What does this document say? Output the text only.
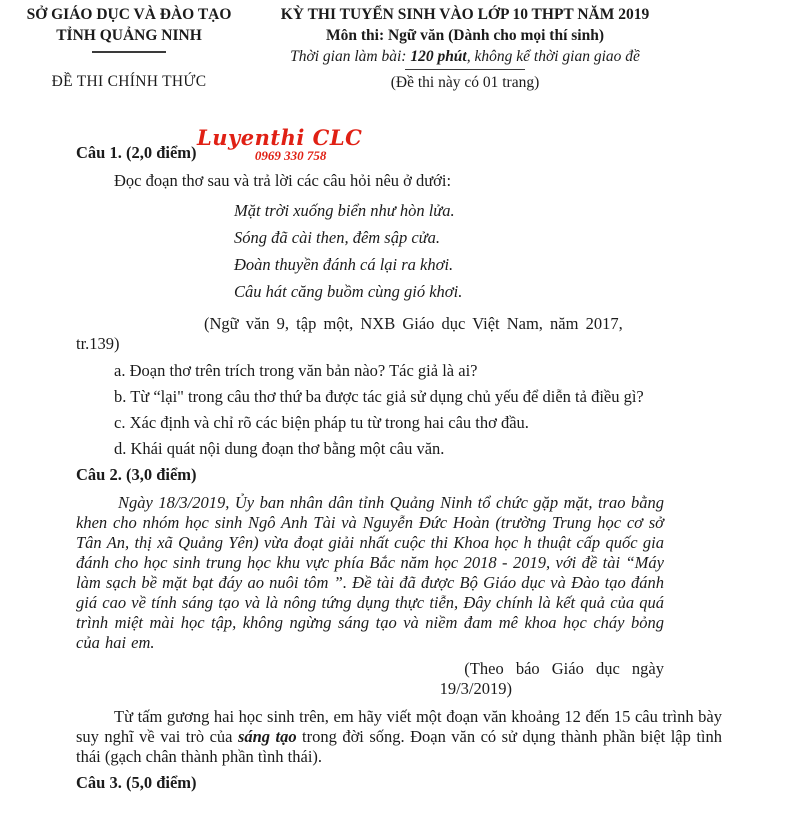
SỞ GIÁO DỤC VÀ ĐÀO TẠO
TỈNH QUẢNG NINH
ĐỀ THI CHÍNH THỨC
KỲ THI TUYỂN SINH VÀO LỚP 10 THPT NĂM 2019
Môn thi: Ngữ văn (Dành cho mọi thí sinh)
Thời gian làm bài: 120 phút, không kể thời gian giao đề
(Đề thi này có 01 trang)
Luyenthi CLC
0969 330 758

Câu 1. (2,0 điểm)

Đọc đoạn thơ sau và trả lời các câu hỏi nêu ở dưới:

Mặt trời xuống biển như hòn lửa.
Sóng đã cài then, đêm sập cửa.
Đoàn thuyền đánh cá lại ra khơi.
Câu hát căng buồm cùng gió khơi.
(Ngữ văn 9, tập một, NXB Giáo dục Việt Nam, năm 2017,
tr.139)

a. Đoạn thơ trên trích trong văn bản nào? Tác giả là ai?

b. Từ “lại" trong câu thơ thứ ba được tác giả sử dụng chủ yếu để diễn tả điều gì?

c. Xác định và chỉ rõ các biện pháp tu từ trong hai câu thơ đầu.

d. Khái quát nội dung đoạn thơ bằng một câu văn.

Câu 2. (3,0 điểm)

Ngày 18/3/2019, Ủy ban nhân dân tỉnh Quảng Ninh tổ chức gặp mặt, trao bằng khen cho nhóm học sinh Ngô Anh Tài và Nguyễn Đức Hoàn (trường Trung học cơ sở Tân An, thị xã Quảng Yên) vừa đoạt giải nhất cuộc thi Khoa học h thuật cấp quốc gia đánh cho học sinh trung học khu vực phía Bắc năm học 2018 - 2019, với đề tài “Máy làm sạch bề mặt bạt đáy ao nuôi tôm ”. Đề tài đã được Bộ Giáo dục và Đào tạo đánh giá cao về tính sáng tạo và là nông tứng dụng thực tiễn, Đây chính là kết quả của quá trình miệt mài học tập, không ngừng sáng tạo và niềm đam mê khoa học cháy bỏng của hai em.

(Theo báo Giáo dục ngày
19/3/2019)

Từ tấm gương hai học sinh trên, em hãy viết một đoạn văn khoảng 12 đến 15 câu trình bày suy nghĩ về vai trò của sáng tạo trong đời sống. Đoạn văn có sử dụng thành phần biệt lập tình thái (gạch chân thành phần tình thái).

Câu 3. (5,0 điểm)
